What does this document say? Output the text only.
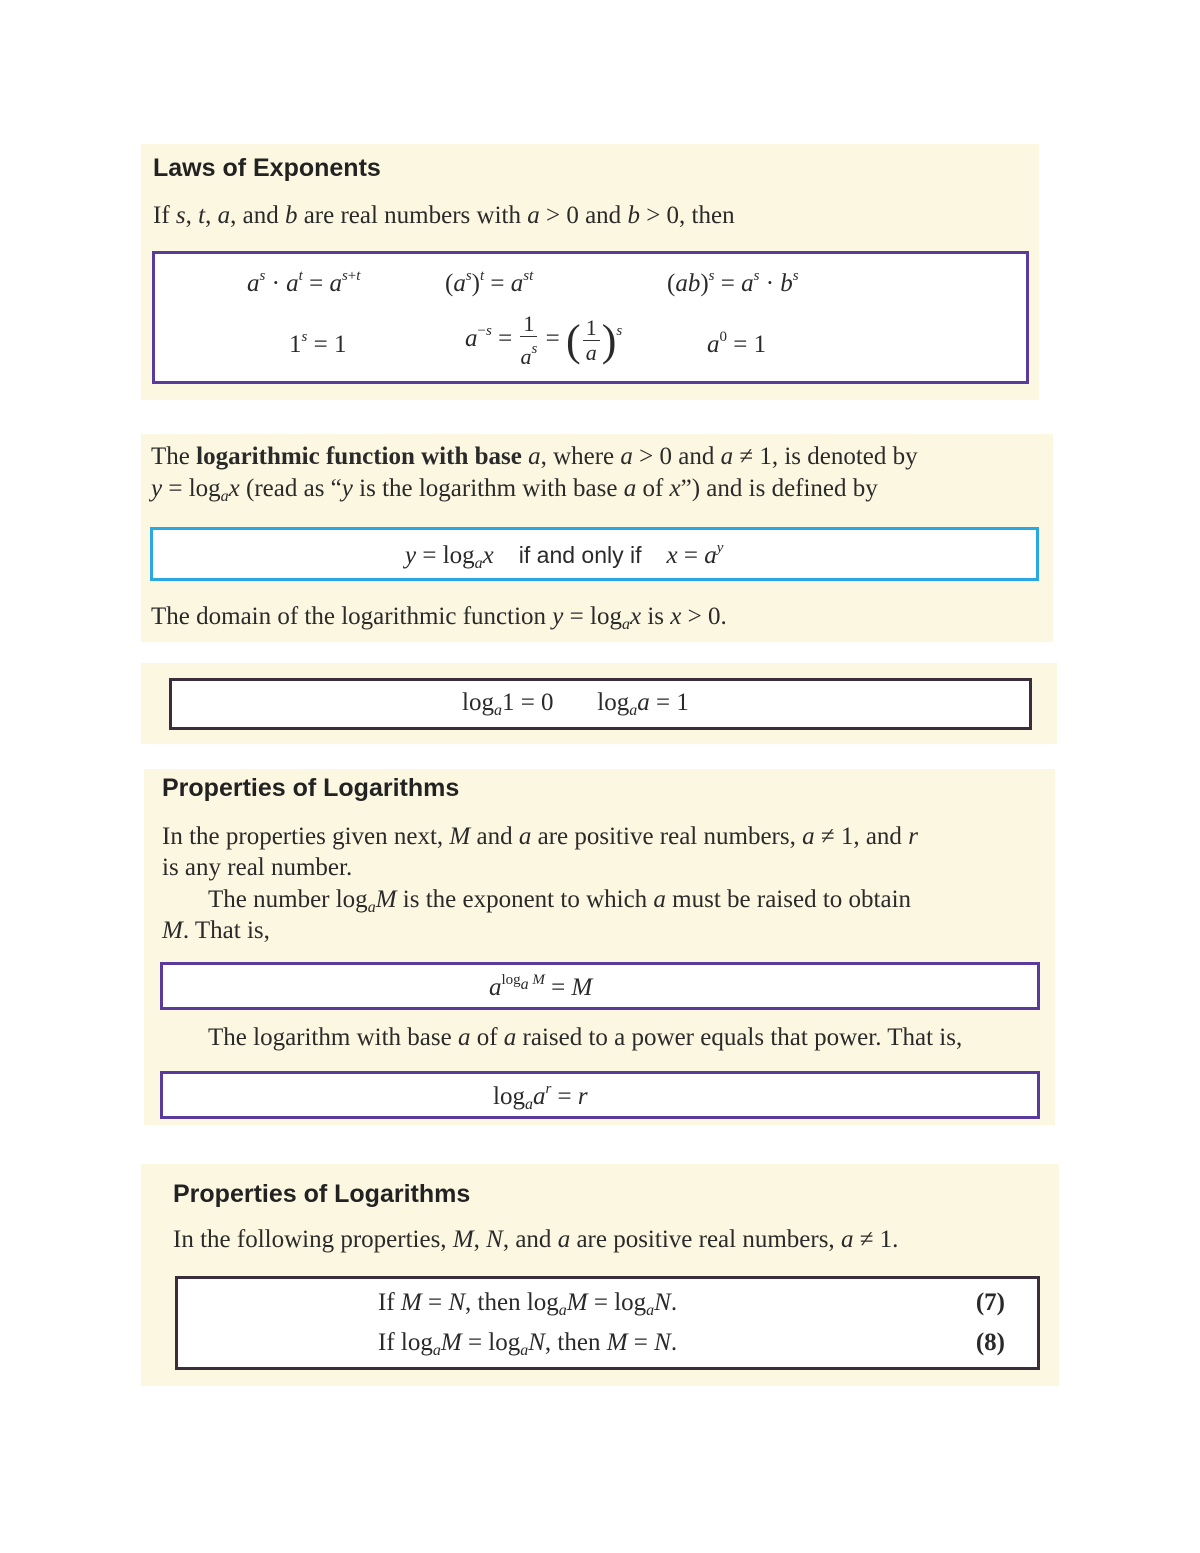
Laws of Exponents
If s, t, a, and b are real numbers with a > 0 and b > 0, then
$a^s \cdot a^t = a^{s+t}$	$(a^s)^t = a^{st}$	$(ab)^s = a^s \cdot b^s$
$1^s = 1$	$a^{-s} = \frac{1}{a^s}$ = ( $\frac{1}{a} )^s$	$a^0 = 1$
The logarithmic function with base a, where a > 0 and a ≠ 1, is denoted by
$y = \log_ax$ (read as “y is the logarithm with base a of x”) and is defined by
$y = \log_ax$ if and only if $x = a^y$
The domain of the logarithmic function $y = \log_ax$ is x > 0.
$\log_a1 = 0$       $\log_aa = 1$
Properties of Logarithms
In the properties given next, M and a are positive real numbers, a ≠ 1, and r
is any real number.
The number $\log_aM$ is the exponent to which a must be raised to obtain
M. That is,
$a^{log_a M} = M$
The logarithm with base a of a raised to a power equals that power. That is,
$\log_aa^r = r$
Properties of Logarithms
In the following properties, M, N, and a are positive real numbers, a ≠ 1.
If M = N, then $\log_aM = \log_aN$.	(7)
If $\log_aM = \log_aN$, then M = N.	(8)
